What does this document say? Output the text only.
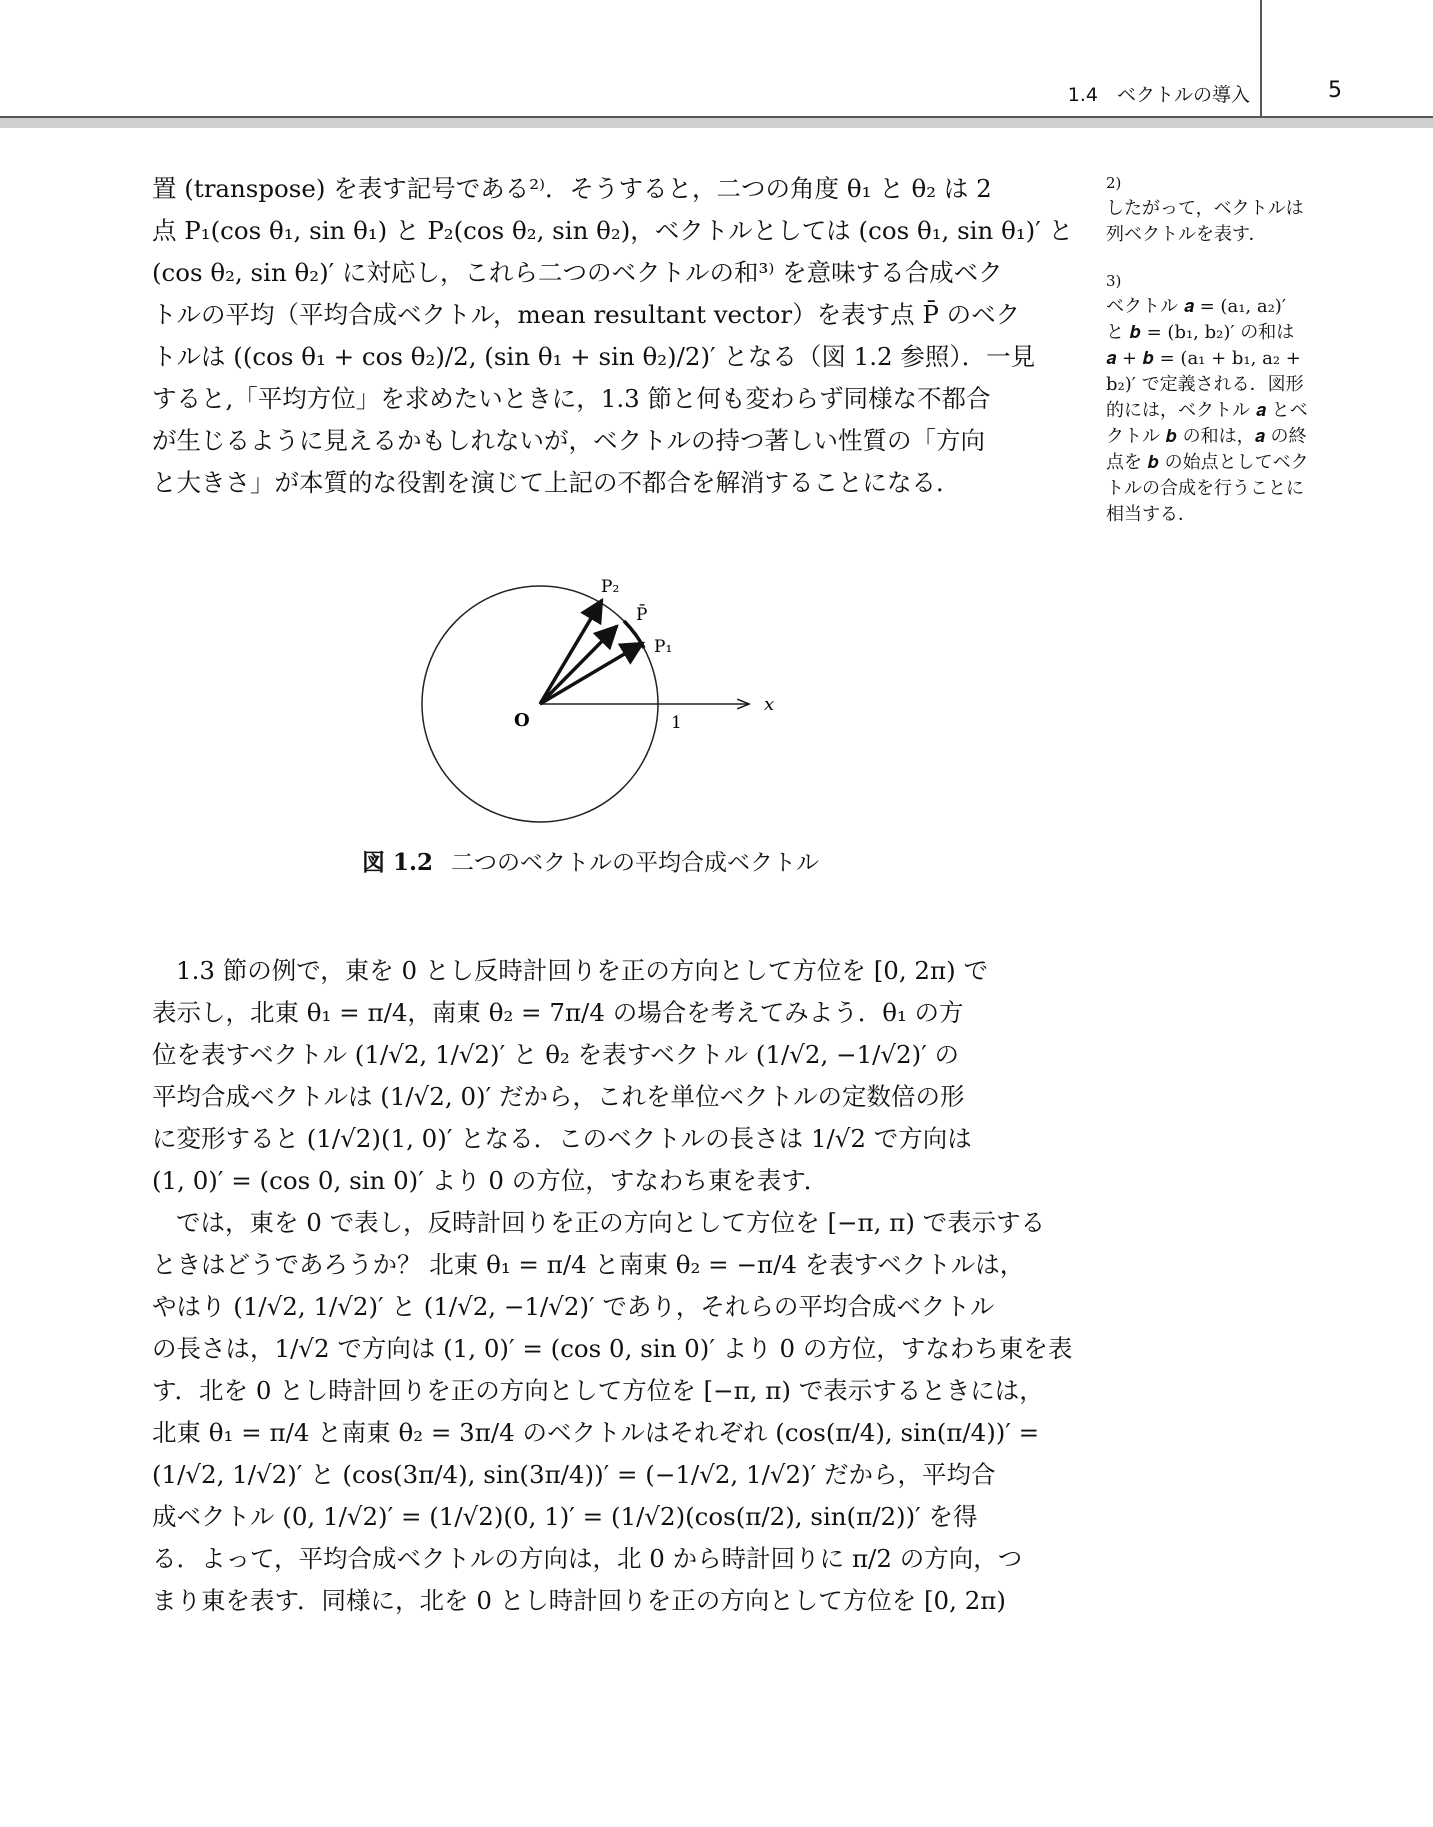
1.4　ベクトルの導入	5

置 (transpose) を表す記号である²⁾．そうすると，二つの角度 θ₁ と θ₂ は 2
点 P₁(cos θ₁, sin θ₁) と P₂(cos θ₂, sin θ₂)，ベクトルとしては (cos θ₁, sin θ₁)′ と
(cos θ₂, sin θ₂)′ に対応し，これら二つのベクトルの和³⁾ を意味する合成ベク
トルの平均（平均合成ベクトル，mean resultant vector）を表す点 P̄ のベク
トルは ((cos θ₁ + cos θ₂)/2, (sin θ₁ + sin θ₂)/2)′ となる（図 1.2 参照）．一見
すると,「平均方位」を求めたいときに，1.3 節と何も変わらず同様な不都合
が生じるように見えるかもしれないが，ベクトルの持つ著しい性質の「方向
と大きさ」が本質的な役割を演じて上記の不都合を解消することになる．

2)
したがって，ベクトルは
列ベクトルを表す．
3)
ベクトル 𝒂 = (a₁, a₂)′
と 𝒃 = (b₁, b₂)′ の和は
𝒂 + 𝒃 = (a₁ + b₁, a₂ +
b₂)′ で定義される．図形
的には，ベクトル 𝒂 とベ
クトル 𝒃 の和は，𝒂 の終
点を 𝒃 の始点としてベク
トルの合成を行うことに
相当する．
O
P₂
P̄
P₁
x
1
図 1.2 二つのベクトルの平均合成ベクトル

1.3 節の例で，東を 0 とし反時計回りを正の方向として方位を [0, 2π) で
表示し，北東 θ₁ = π/4，南東 θ₂ = 7π/4 の場合を考えてみよう．θ₁ の方
位を表すベクトル (1/√2, 1/√2)′ と θ₂ を表すベクトル (1/√2, −1/√2)′ の
平均合成ベクトルは (1/√2, 0)′ だから，これを単位ベクトルの定数倍の形
に変形すると (1/√2)(1, 0)′ となる．このベクトルの長さは 1/√2 で方向は
(1, 0)′ = (cos 0, sin 0)′ より 0 の方位，すなわち東を表す．

では，東を 0 で表し，反時計回りを正の方向として方位を [−π, π) で表示する
ときはどうであろうか？ 北東 θ₁ = π/4 と南東 θ₂ = −π/4 を表すベクトルは，
やはり (1/√2, 1/√2)′ と (1/√2, −1/√2)′ であり，それらの平均合成ベクトル
の長さは，1/√2 で方向は (1, 0)′ = (cos 0, sin 0)′ より 0 の方位，すなわち東を表
す．北を 0 とし時計回りを正の方向として方位を [−π, π) で表示するときには，
北東 θ₁ = π/4 と南東 θ₂ = 3π/4 のベクトルはそれぞれ (cos(π/4), sin(π/4))′ =
(1/√2, 1/√2)′ と (cos(3π/4), sin(3π/4))′ = (−1/√2, 1/√2)′ だから，平均合
成ベクトル (0, 1/√2)′ = (1/√2)(0, 1)′ = (1/√2)(cos(π/2), sin(π/2))′ を得
る．よって，平均合成ベクトルの方向は，北 0 から時計回りに π/2 の方向，つ
まり東を表す．同様に，北を 0 とし時計回りを正の方向として方位を [0, 2π)
